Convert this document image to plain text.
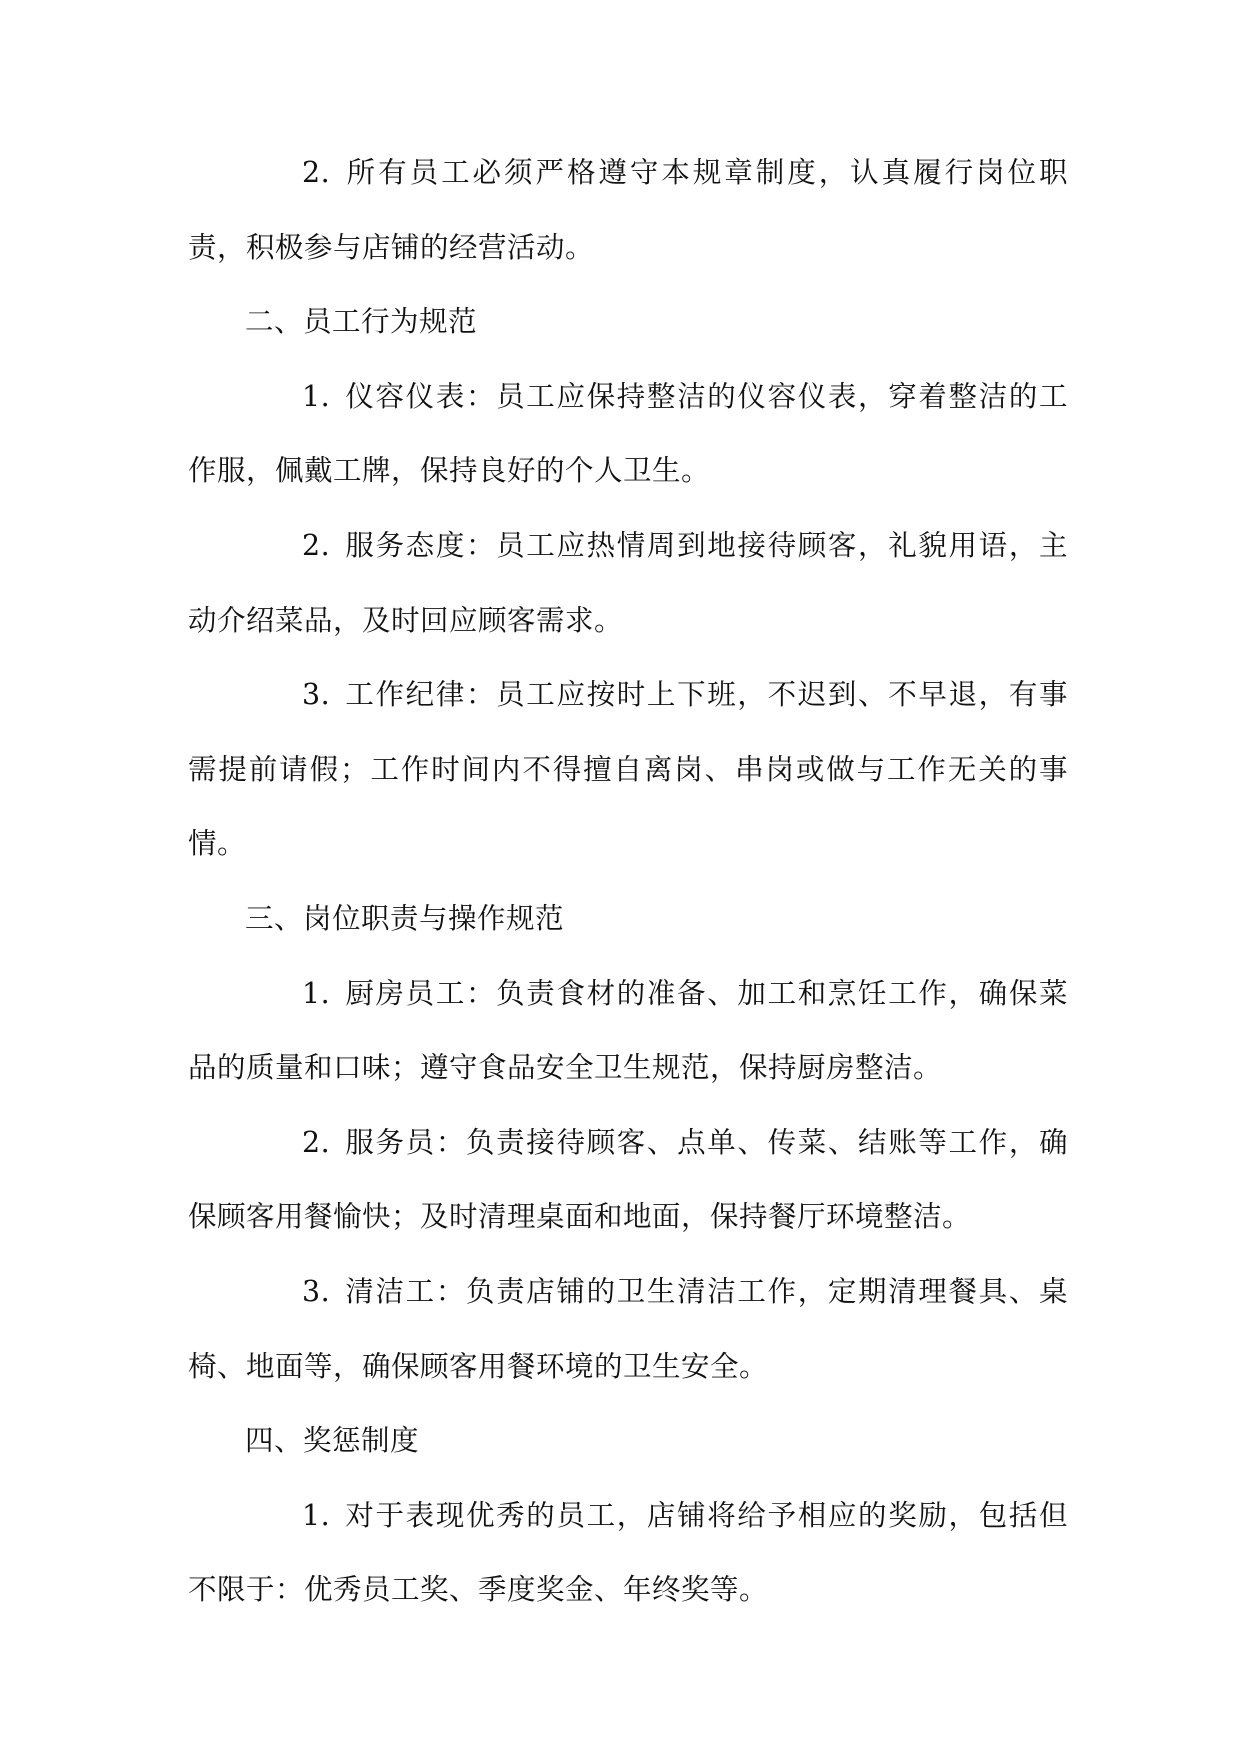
2. 所有员工必须严格遵守本规章制度，认真履行岗位职责，积极参与店铺的经营活动。

二、员工行为规范

1. 仪容仪表：员工应保持整洁的仪容仪表，穿着整洁的工作服，佩戴工牌，保持良好的个人卫生。

2. 服务态度：员工应热情周到地接待顾客，礼貌用语，主动介绍菜品，及时回应顾客需求。

3. 工作纪律：员工应按时上下班，不迟到、不早退，有事需提前请假；工作时间内不得擅自离岗、串岗或做与工作无关的事情。

三、岗位职责与操作规范

1. 厨房员工：负责食材的准备、加工和烹饪工作，确保菜品的质量和口味；遵守食品安全卫生规范，保持厨房整洁。

2. 服务员：负责接待顾客、点单、传菜、结账等工作，确保顾客用餐愉快；及时清理桌面和地面，保持餐厅环境整洁。

3. 清洁工：负责店铺的卫生清洁工作，定期清理餐具、桌椅、地面等，确保顾客用餐环境的卫生安全。

四、奖惩制度

1. 对于表现优秀的员工，店铺将给予相应的奖励，包括但不限于：优秀员工奖、季度奖金、年终奖等。
